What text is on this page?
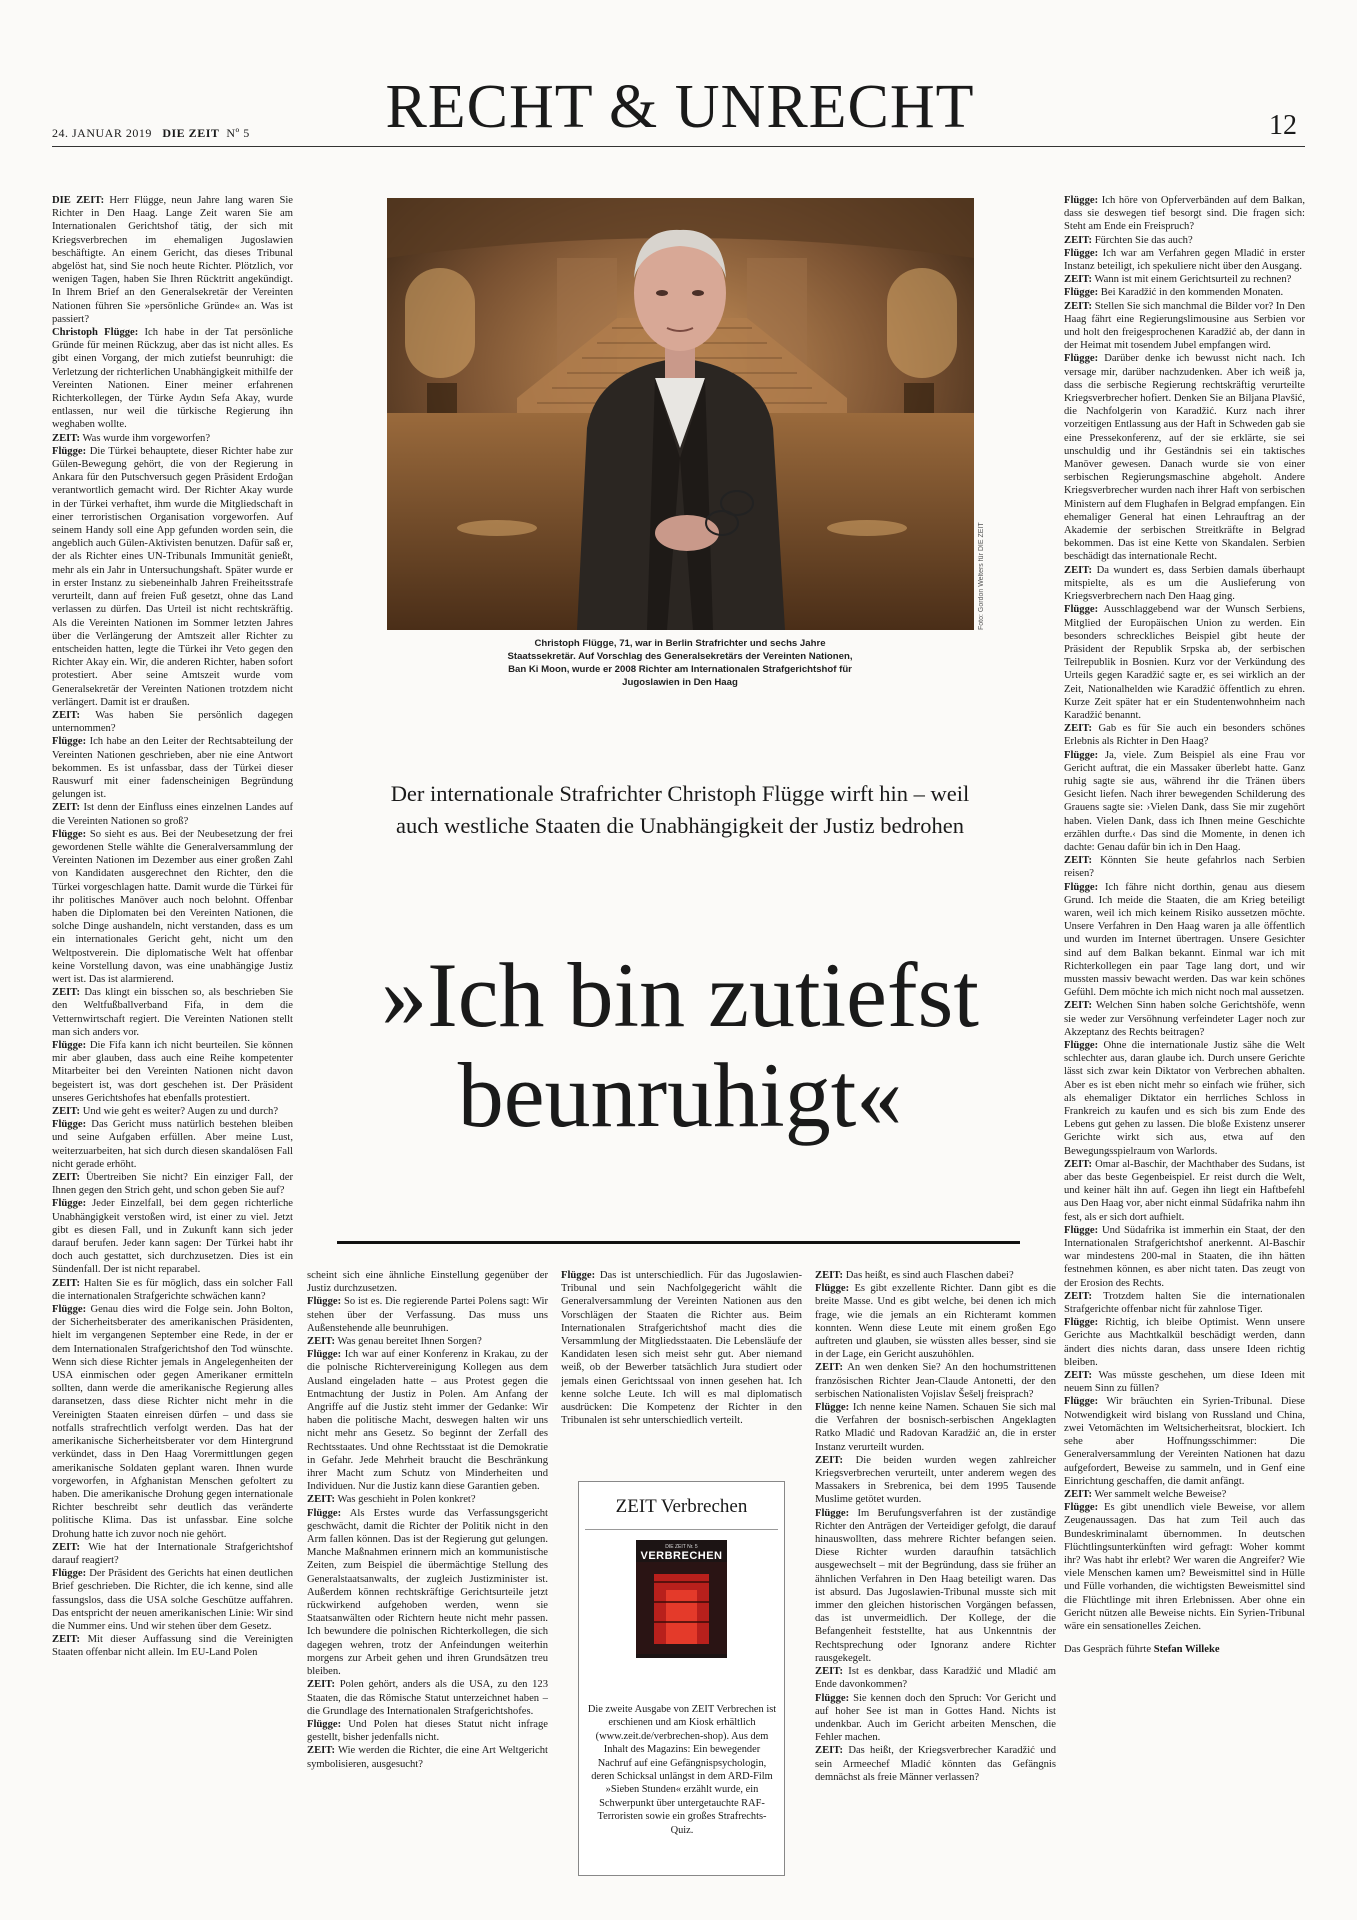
24. JANUAR 2019 DIE ZEIT Nº 5	RECHT & UNRECHT	12

DIE ZEIT: Herr Flügge, neun Jahre lang waren Sie Richter in Den Haag. Lange Zeit waren Sie am Internationalen Gerichtshof tätig, der sich mit Kriegsverbrechen im ehemaligen Jugoslawien beschäftigte. An einem Gericht, das dieses Tribunal abgelöst hat, sind Sie noch heute Richter. Plötzlich, vor wenigen Tagen, haben Sie Ihren Rücktritt angekündigt. In Ihrem Brief an den Generalsekretär der Vereinten Nationen führen Sie »persönliche Gründe« an. Was ist passiert?

Christoph Flügge: Ich habe in der Tat persönliche Gründe für meinen Rückzug, aber das ist nicht alles. Es gibt einen Vorgang, der mich zutiefst beunruhigt: die Verletzung der richterlichen Unabhängigkeit mithilfe der Vereinten Nationen. Einer meiner erfahrenen Richterkollegen, der Türke Aydın Sefa Akay, wurde entlassen, nur weil die türkische Regierung ihn weghaben wollte.

ZEIT: Was wurde ihm vorgeworfen?

Flügge: Die Türkei behauptete, dieser Richter habe zur Gülen-Bewegung gehört, die von der Regierung in Ankara für den Putschversuch gegen Präsident Erdoğan verantwortlich gemacht wird. Der Richter Akay wurde in der Türkei verhaftet, ihm wurde die Mitgliedschaft in einer terroristischen Organisation vorgeworfen. Auf seinem Handy soll eine App gefunden worden sein, die angeblich auch Gülen-Aktivisten benutzen. Dafür saß er, der als Richter eines UN-Tribunals Immunität genießt, mehr als ein Jahr in Untersuchungshaft. Später wurde er in erster Instanz zu siebeneinhalb Jahren Freiheitsstrafe verurteilt, dann auf freien Fuß gesetzt, ohne das Land verlassen zu dürfen. Das Urteil ist nicht rechtskräftig. Als die Vereinten Nationen im Sommer letzten Jahres über die Verlängerung der Amtszeit aller Richter zu entscheiden hatten, legte die Türkei ihr Veto gegen den Richter Akay ein. Wir, die anderen Richter, haben sofort protestiert. Aber seine Amtszeit wurde vom Generalsekretär der Vereinten Nationen trotzdem nicht verlängert. Damit ist er draußen.

ZEIT: Was haben Sie persönlich dagegen unternommen?

Flügge: Ich habe an den Leiter der Rechtsabteilung der Vereinten Nationen geschrieben, aber nie eine Antwort bekommen. Es ist unfassbar, dass der Türkei dieser Rauswurf mit einer fadenscheinigen Begründung gelungen ist.

ZEIT: Ist denn der Einfluss eines einzelnen Landes auf die Vereinten Nationen so groß?

Flügge: So sieht es aus. Bei der Neubesetzung der frei gewordenen Stelle wählte die Generalversammlung der Vereinten Nationen im Dezember aus einer großen Zahl von Kandidaten ausgerechnet den Richter, den die Türkei vorgeschlagen hatte. Damit wurde die Türkei für ihr politisches Manöver auch noch belohnt. Offenbar haben die Diplomaten bei den Vereinten Nationen, die solche Dinge aushandeln, nicht verstanden, dass es um ein internationales Gericht geht, nicht um den Weltpostverein. Die diplomatische Welt hat offenbar keine Vorstellung davon, was eine unabhängige Justiz wert ist. Das ist alarmierend.

ZEIT: Das klingt ein bisschen so, als beschrieben Sie den Weltfußballverband Fifa, in dem die Vetternwirtschaft regiert. Die Vereinten Nationen stellt man sich anders vor.

Flügge: Die Fifa kann ich nicht beurteilen. Sie können mir aber glauben, dass auch eine Reihe kompetenter Mitarbeiter bei den Vereinten Nationen nicht davon begeistert ist, was dort geschehen ist. Der Präsident unseres Gerichtshofes hat ebenfalls protestiert.

ZEIT: Und wie geht es weiter? Augen zu und durch?

Flügge: Das Gericht muss natürlich bestehen bleiben und seine Aufgaben erfüllen. Aber meine Lust, weiterzuarbeiten, hat sich durch diesen skandalösen Fall nicht gerade erhöht.

ZEIT: Übertreiben Sie nicht? Ein einziger Fall, der Ihnen gegen den Strich geht, und schon geben Sie auf?

Flügge: Jeder Einzelfall, bei dem gegen richterliche Unabhängigkeit verstoßen wird, ist einer zu viel. Jetzt gibt es diesen Fall, und in Zukunft kann sich jeder darauf berufen. Jeder kann sagen: Der Türkei habt ihr doch auch gestattet, sich durchzusetzen. Dies ist ein Sündenfall. Der ist nicht reparabel.

ZEIT: Halten Sie es für möglich, dass ein solcher Fall die internationalen Strafgerichte schwächen kann?

Flügge: Genau dies wird die Folge sein. John Bolton, der Sicherheitsberater des amerikanischen Präsidenten, hielt im vergangenen September eine Rede, in der er dem Internationalen Strafgerichtshof den Tod wünschte. Wenn sich diese Richter jemals in Angelegenheiten der USA einmischen oder gegen Amerikaner ermitteln sollten, dann werde die amerikanische Regierung alles daransetzen, dass diese Richter nicht mehr in die Vereinigten Staaten einreisen dürfen – und dass sie notfalls strafrechtlich verfolgt werden. Das hat der amerikanische Sicherheitsberater vor dem Hintergrund verkündet, dass in Den Haag Vorermittlungen gegen amerikanische Soldaten geplant waren. Ihnen wurde vorgeworfen, in Afghanistan Menschen gefoltert zu haben. Die amerikanische Drohung gegen internationale Richter beschreibt sehr deutlich das veränderte politische Klima. Das ist unfassbar. Eine solche Drohung hatte ich zuvor noch nie gehört.

ZEIT: Wie hat der Internationale Strafgerichtshof darauf reagiert?

Flügge: Der Präsident des Gerichts hat einen deutlichen Brief geschrieben. Die Richter, die ich kenne, sind alle fassungslos, dass die USA solche Geschütze auffahren. Das entspricht der neuen amerikanischen Linie: Wir sind die Nummer eins. Und wir stehen über dem Gesetz.

ZEIT: Mit dieser Auffassung sind die Vereinigten Staaten offenbar nicht allein. Im EU-Land Polen

Foto: Gordon Welters für DIE ZEIT
Christoph Flügge, 71, war in Berlin Strafrichter und sechs Jahre Staatssekretär. Auf Vorschlag des Generalsekretärs der Vereinten Nationen, Ban Ki Moon, wurde er 2008 Richter am Internationalen Strafgerichtshof für Jugoslawien in Den Haag
Der internationale Strafrichter Christoph Flügge wirft hin – weil auch westliche Staaten die Unabhängigkeit der Justiz bedrohen
»Ich bin zutiefst beunruhigt«

scheint sich eine ähnliche Einstellung gegenüber der Justiz durchzusetzen.

Flügge: So ist es. Die regierende Partei Polens sagt: Wir stehen über der Verfassung. Das muss uns Außenstehende alle beunruhigen.

ZEIT: Was genau bereitet Ihnen Sorgen?

Flügge: Ich war auf einer Konferenz in Krakau, zu der die polnische Richtervereinigung Kollegen aus dem Ausland eingeladen hatte – aus Protest gegen die Entmachtung der Justiz in Polen. Am Anfang der Angriffe auf die Justiz steht immer der Gedanke: Wir haben die politische Macht, deswegen halten wir uns nicht mehr ans Gesetz. So beginnt der Zerfall des Rechtsstaates. Und ohne Rechtsstaat ist die Demokratie in Gefahr. Jede Mehrheit braucht die Beschränkung ihrer Macht zum Schutz von Minderheiten und Individuen. Nur die Justiz kann diese Garantien geben.

ZEIT: Was geschieht in Polen konkret?

Flügge: Als Erstes wurde das Verfassungsgericht geschwächt, damit die Richter der Politik nicht in den Arm fallen können. Das ist der Regierung gut gelungen. Manche Maßnahmen erinnern mich an kommunistische Zeiten, zum Beispiel die übermächtige Stellung des Generalstaatsanwalts, der zugleich Justizminister ist. Außerdem können rechtskräftige Gerichtsurteile jetzt rückwirkend aufgehoben werden, wenn sie Staatsanwälten oder Richtern heute nicht mehr passen. Ich bewundere die polnischen Richterkollegen, die sich dagegen wehren, trotz der Anfeindungen weiterhin morgens zur Arbeit gehen und ihren Grundsätzen treu bleiben.

ZEIT: Polen gehört, anders als die USA, zu den 123 Staaten, die das Römische Statut unterzeichnet haben – die Grundlage des Internationalen Strafgerichtshofes.

Flügge: Und Polen hat dieses Statut nicht infrage gestellt, bisher jedenfalls nicht.

ZEIT: Wie werden die Richter, die eine Art Weltgericht symbolisieren, ausgesucht?

Flügge: Das ist unterschiedlich. Für das Jugoslawien-Tribunal und sein Nachfolgegericht wählt die Generalversammlung der Vereinten Nationen aus den Vorschlägen der Staaten die Richter aus. Beim Internationalen Strafgerichtshof macht dies die Versammlung der Mitgliedsstaaten. Die Lebensläufe der Kandidaten lesen sich meist sehr gut. Aber niemand weiß, ob der Bewerber tatsächlich Jura studiert oder jemals einen Gerichtssaal von innen gesehen hat. Ich kenne solche Leute. Ich will es mal diplomatisch ausdrücken: Die Kompetenz der Richter in den Tribunalen ist sehr unterschiedlich verteilt.

ZEIT: Das heißt, es sind auch Flaschen dabei?

Flügge: Es gibt exzellente Richter. Dann gibt es die breite Masse. Und es gibt welche, bei denen ich mich frage, wie die jemals an ein Richteramt kommen konnten. Wenn diese Leute mit einem großen Ego auftreten und glauben, sie wüssten alles besser, sind sie in der Lage, ein Gericht auszuhöhlen.

ZEIT: An wen denken Sie? An den hochumstrittenen französischen Richter Jean-Claude Antonetti, der den serbischen Nationalisten Vojislav Šešelj freisprach?

Flügge: Ich nenne keine Namen. Schauen Sie sich mal die Verfahren der bosnisch-serbischen Angeklagten Ratko Mladić und Radovan Karadžić an, die in erster Instanz verurteilt wurden.

ZEIT: Die beiden wurden wegen zahlreicher Kriegsverbrechen verurteilt, unter anderem wegen des Massakers in Srebrenica, bei dem 1995 Tausende Muslime getötet wurden.

Flügge: Im Berufungsverfahren ist der zuständige Richter den Anträgen der Verteidiger gefolgt, die darauf hinauswollten, dass mehrere Richter befangen seien. Diese Richter wurden daraufhin tatsächlich ausgewechselt – mit der Begründung, dass sie früher an ähnlichen Verfahren in Den Haag beteiligt waren. Das ist absurd. Das Jugoslawien-Tribunal musste sich mit immer den gleichen historischen Vorgängen befassen, das ist unvermeidlich. Der Kollege, der die Befangenheit feststellte, hat aus Unkenntnis der Rechtsprechung oder Ignoranz andere Richter rausgekegelt.

ZEIT: Ist es denkbar, dass Karadžić und Mladić am Ende davonkommen?

Flügge: Sie kennen doch den Spruch: Vor Gericht und auf hoher See ist man in Gottes Hand. Nichts ist undenkbar. Auch im Gericht arbeiten Menschen, die Fehler machen.

ZEIT: Das heißt, der Kriegsverbrecher Karadžić und sein Armeechef Mladić könnten das Gefängnis demnächst als freie Männer verlassen?

ZEIT Verbrechen
DIE ZEIT Nr. 5
VERBRECHEN
Die zweite Ausgabe von ZEIT Verbrechen ist erschienen und am Kiosk erhältlich (www.zeit.de/verbrechen-shop). Aus dem Inhalt des Magazins: Ein bewegender Nachruf auf eine Gefängnispsychologin, deren Schicksal unlängst in dem ARD-Film »Sieben Stunden« erzählt wurde, ein Schwerpunkt über untergetauchte RAF-Terroristen sowie ein großes Strafrechts-Quiz.

Flügge: Ich höre von Opferverbänden auf dem Balkan, dass sie deswegen tief besorgt sind. Die fragen sich: Steht am Ende ein Freispruch?

ZEIT: Fürchten Sie das auch?

Flügge: Ich war am Verfahren gegen Mladić in erster Instanz beteiligt, ich spekuliere nicht über den Ausgang.

ZEIT: Wann ist mit einem Gerichtsurteil zu rechnen?

Flügge: Bei Karadžić in den kommenden Monaten.

ZEIT: Stellen Sie sich manchmal die Bilder vor? In Den Haag fährt eine Regierungslimousine aus Serbien vor und holt den freigesprochenen Karadžić ab, der dann in der Heimat mit tosendem Jubel empfangen wird.

Flügge: Darüber denke ich bewusst nicht nach. Ich versage mir, darüber nachzudenken. Aber ich weiß ja, dass die serbische Regierung rechtskräftig verurteilte Kriegsverbrecher hofiert. Denken Sie an Biljana Plavšić, die Nachfolgerin von Karadžić. Kurz nach ihrer vorzeitigen Entlassung aus der Haft in Schweden gab sie eine Pressekonferenz, auf der sie erklärte, sie sei unschuldig und ihr Geständnis sei ein taktisches Manöver gewesen. Danach wurde sie von einer serbischen Regierungsmaschine abgeholt. Andere Kriegsverbrecher wurden nach ihrer Haft von serbischen Ministern auf dem Flughafen in Belgrad empfangen. Ein ehemaliger General hat einen Lehrauftrag an der Akademie der serbischen Streitkräfte in Belgrad bekommen. Das ist eine Kette von Skandalen. Serbien beschädigt das internationale Recht.

ZEIT: Da wundert es, dass Serbien damals überhaupt mitspielte, als es um die Auslieferung von Kriegsverbrechern nach Den Haag ging.

Flügge: Ausschlaggebend war der Wunsch Serbiens, Mitglied der Europäischen Union zu werden. Ein besonders schreckliches Beispiel gibt heute der Präsident der Republik Srpska ab, der serbischen Teilrepublik in Bosnien. Kurz vor der Verkündung des Urteils gegen Karadžić sagte er, es sei wirklich an der Zeit, Nationalhelden wie Karadžić öffentlich zu ehren. Kurze Zeit später hat er ein Studentenwohnheim nach Karadžić benannt.

ZEIT: Gab es für Sie auch ein besonders schönes Erlebnis als Richter in Den Haag?

Flügge: Ja, viele. Zum Beispiel als eine Frau vor Gericht auftrat, die ein Massaker überlebt hatte. Ganz ruhig sagte sie aus, während ihr die Tränen übers Gesicht liefen. Nach ihrer bewegenden Schilderung des Grauens sagte sie: ›Vielen Dank, dass Sie mir zugehört haben. Vielen Dank, dass ich Ihnen meine Geschichte erzählen durfte.‹ Das sind die Momente, in denen ich dachte: Genau dafür bin ich in Den Haag.

ZEIT: Könnten Sie heute gefahrlos nach Serbien reisen?

Flügge: Ich fähre nicht dorthin, genau aus diesem Grund. Ich meide die Staaten, die am Krieg beteiligt waren, weil ich mich keinem Risiko aussetzen möchte. Unsere Verfahren in Den Haag waren ja alle öffentlich und wurden im Internet übertragen. Unsere Gesichter sind auf dem Balkan bekannt. Einmal war ich mit Richterkollegen ein paar Tage lang dort, und wir mussten massiv bewacht werden. Das war kein schönes Gefühl. Dem möchte ich mich nicht noch mal aussetzen.

ZEIT: Welchen Sinn haben solche Gerichtshöfe, wenn sie weder zur Versöhnung verfeindeter Lager noch zur Akzeptanz des Rechts beitragen?

Flügge: Ohne die internationale Justiz sähe die Welt schlechter aus, daran glaube ich. Durch unsere Gerichte lässt sich zwar kein Diktator von Verbrechen abhalten. Aber es ist eben nicht mehr so einfach wie früher, sich als ehemaliger Diktator ein herrliches Schloss in Frankreich zu kaufen und es sich bis zum Ende des Lebens gut gehen zu lassen. Die bloße Existenz unserer Gerichte wirkt sich aus, etwa auf den Bewegungsspielraum von Warlords.

ZEIT: Omar al-Baschir, der Machthaber des Sudans, ist aber das beste Gegenbeispiel. Er reist durch die Welt, und keiner hält ihn auf. Gegen ihn liegt ein Haftbefehl aus Den Haag vor, aber nicht einmal Südafrika nahm ihn fest, als er sich dort aufhielt.

Flügge: Und Südafrika ist immerhin ein Staat, der den Internationalen Strafgerichtshof anerkennt. Al-Baschir war mindestens 200-mal in Staaten, die ihn hätten festnehmen können, es aber nicht taten. Das zeugt von der Erosion des Rechts.

ZEIT: Trotzdem halten Sie die internationalen Strafgerichte offenbar nicht für zahnlose Tiger.

Flügge: Richtig, ich bleibe Optimist. Wenn unsere Gerichte aus Machtkalkül beschädigt werden, dann ändert dies nichts daran, dass unsere Ideen richtig bleiben.

ZEIT: Was müsste geschehen, um diese Ideen mit neuem Sinn zu füllen?

Flügge: Wir bräuchten ein Syrien-Tribunal. Diese Notwendigkeit wird bislang von Russland und China, zwei Vetomächten im Weltsicherheitsrat, blockiert. Ich sehe aber Hoffnungsschimmer: Die Generalversammlung der Vereinten Nationen hat dazu aufgefordert, Beweise zu sammeln, und in Genf eine Einrichtung geschaffen, die damit anfängt.

ZEIT: Wer sammelt welche Beweise?

Flügge: Es gibt unendlich viele Beweise, vor allem Zeugenaussagen. Das hat zum Teil auch das Bundeskriminalamt übernommen. In deutschen Flüchtlingsunterkünften wird gefragt: Woher kommt ihr? Was habt ihr erlebt? Wer waren die Angreifer? Wie viele Menschen kamen um? Beweismittel sind in Hülle und Fülle vorhanden, die wichtigsten Beweismittel sind die Flüchtlinge mit ihren Erlebnissen. Aber ohne ein Gericht nützen alle Beweise nichts. Ein Syrien-Tribunal wäre ein sensationelles Zeichen.

Das Gespräch führte Stefan Willeke
